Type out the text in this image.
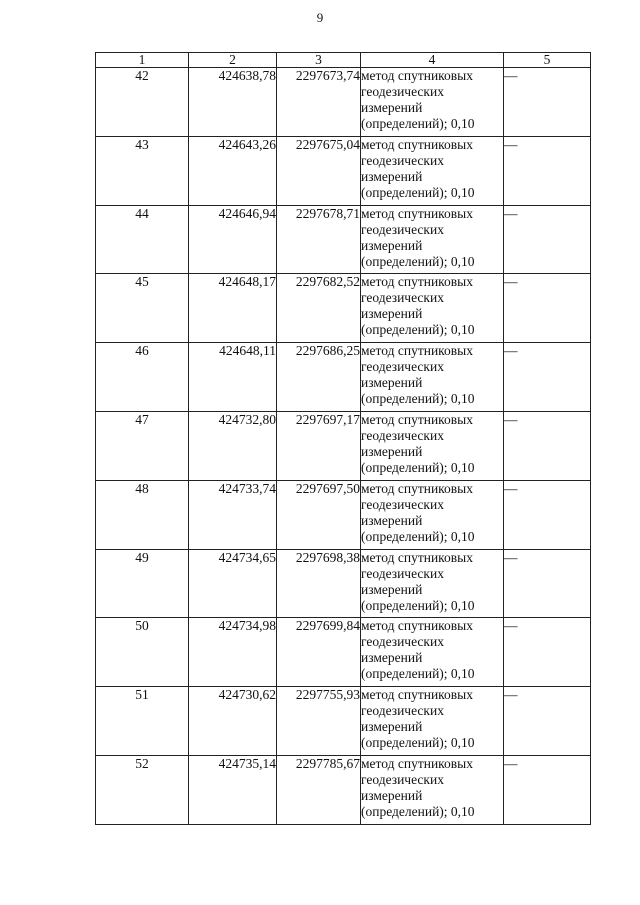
9
1	2	3	4	5
42	424638,78	2297673,74	метод спутниковых
геодезических
измерений
(определений); 0,10	—
43	424643,26	2297675,04	метод спутниковых
геодезических
измерений
(определений); 0,10	—
44	424646,94	2297678,71	метод спутниковых
геодезических
измерений
(определений); 0,10	—
45	424648,17	2297682,52	метод спутниковых
геодезических
измерений
(определений); 0,10	—
46	424648,11	2297686,25	метод спутниковых
геодезических
измерений
(определений); 0,10	—
47	424732,80	2297697,17	метод спутниковых
геодезических
измерений
(определений); 0,10	—
48	424733,74	2297697,50	метод спутниковых
геодезических
измерений
(определений); 0,10	—
49	424734,65	2297698,38	метод спутниковых
геодезических
измерений
(определений); 0,10	—
50	424734,98	2297699,84	метод спутниковых
геодезических
измерений
(определений); 0,10	—
51	424730,62	2297755,93	метод спутниковых
геодезических
измерений
(определений); 0,10	—
52	424735,14	2297785,67	метод спутниковых
геодезических
измерений
(определений); 0,10	—
